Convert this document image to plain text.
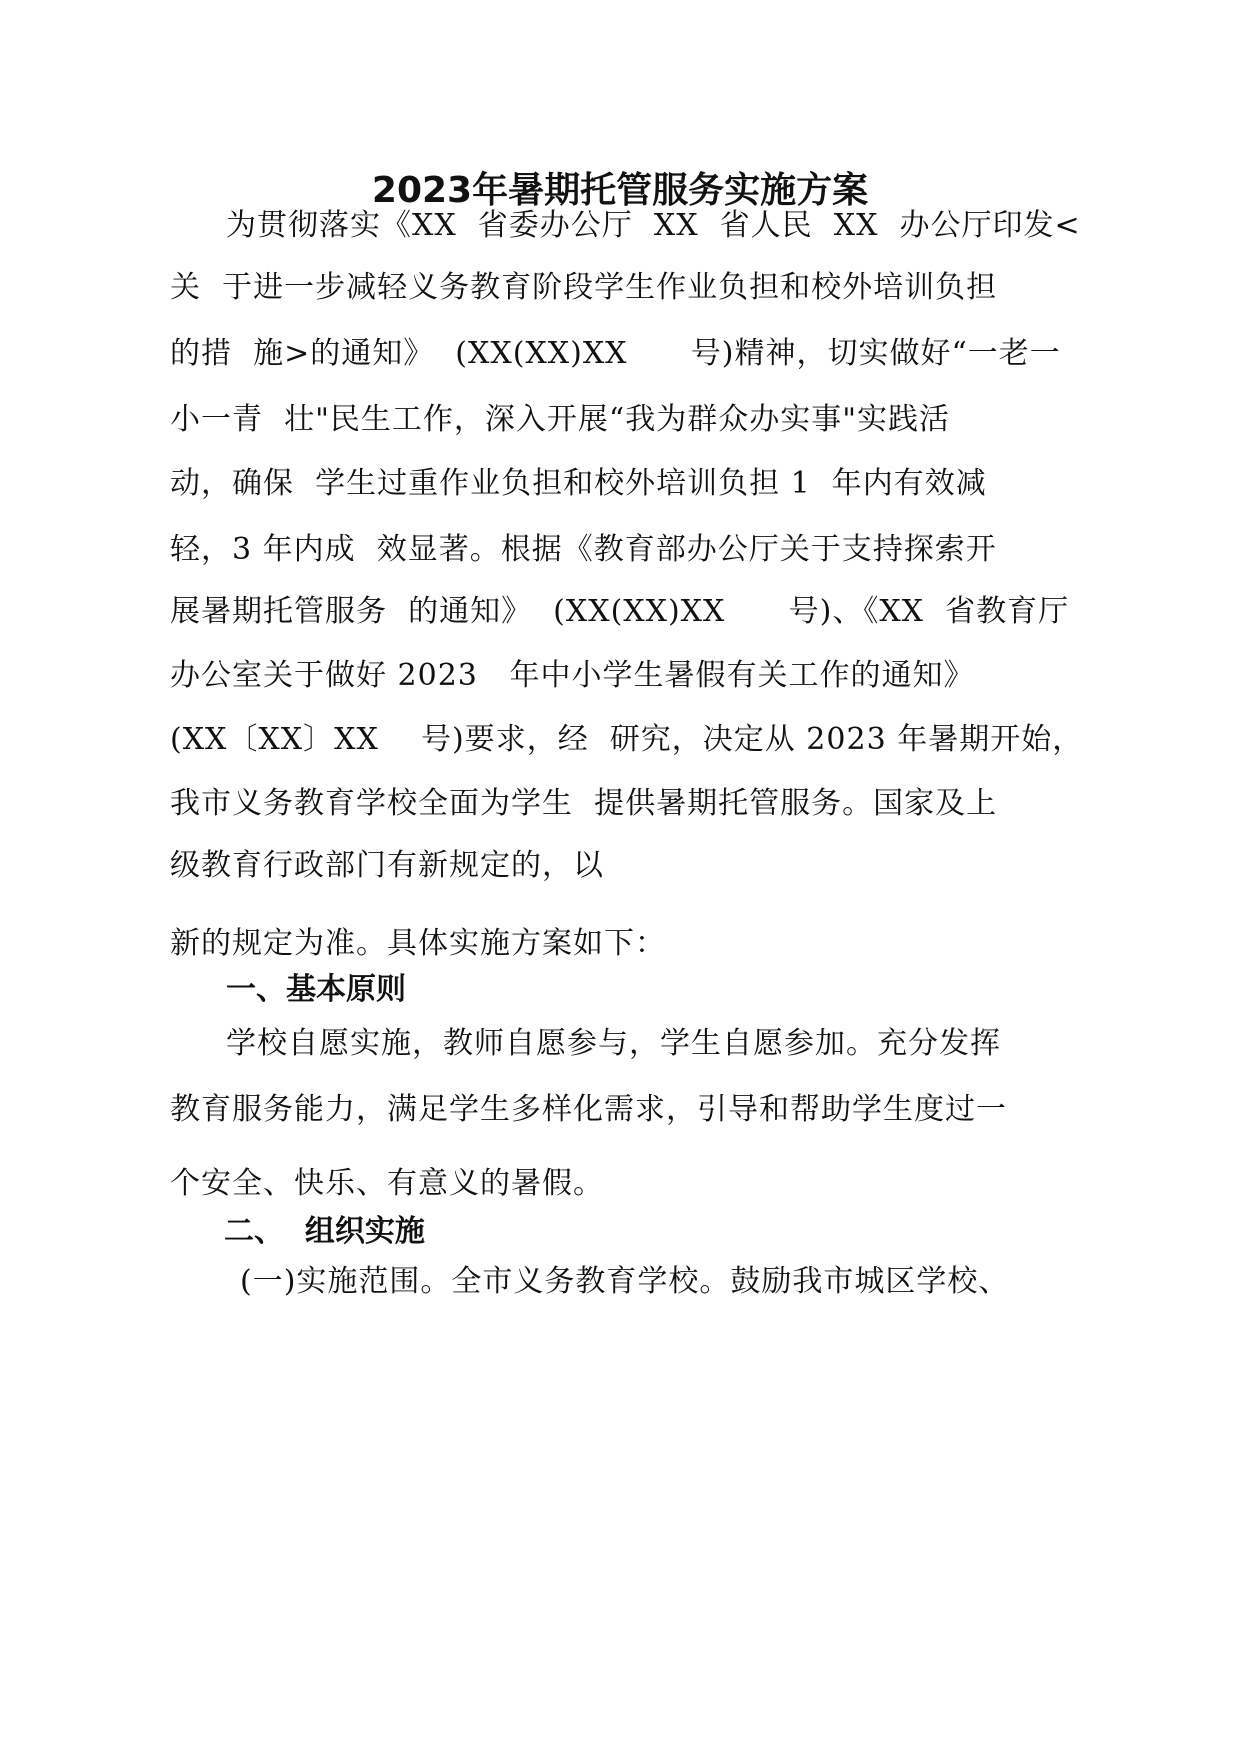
2023年暑期托管服务实施方案

为贯彻落实《XX  省委办公厅  XX  省人民  XX  办公厅印发<

关  于进一步减轻义务教育阶段学生作业负担和校外培训负担

的措  施>的通知》  (XX(XX)XX      号)精神，切实做好“一老一

小一青  壮"民生工作，深入开展“我为群众办实事"实践活

动，确保  学生过重作业负担和校外培训负担 1  年内有效减

轻，3 年内成  效显著。根据《教育部办公厅关于支持探索开

展暑期托管服务  的通知》  (XX(XX)XX      号)、《XX  省教育厅

办公室关于做好 2023   年中小学生暑假有关工作的通知》

(XX〔XX〕XX    号)要求，经  研究，决定从 2023 年暑期开始，

我市义务教育学校全面为学生  提供暑期托管服务。国家及上

级教育行政部门有新规定的，以

新的规定为准。具体实施方案如下：

一、基本原则

学校自愿实施，教师自愿参与，学生自愿参加。充分发挥

教育服务能力，满足学生多样化需求，引导和帮助学生度过一

个安全、快乐、有意义的暑假。

二、  组织实施

(一)实施范围。全市义务教育学校。鼓励我市城区学校、
